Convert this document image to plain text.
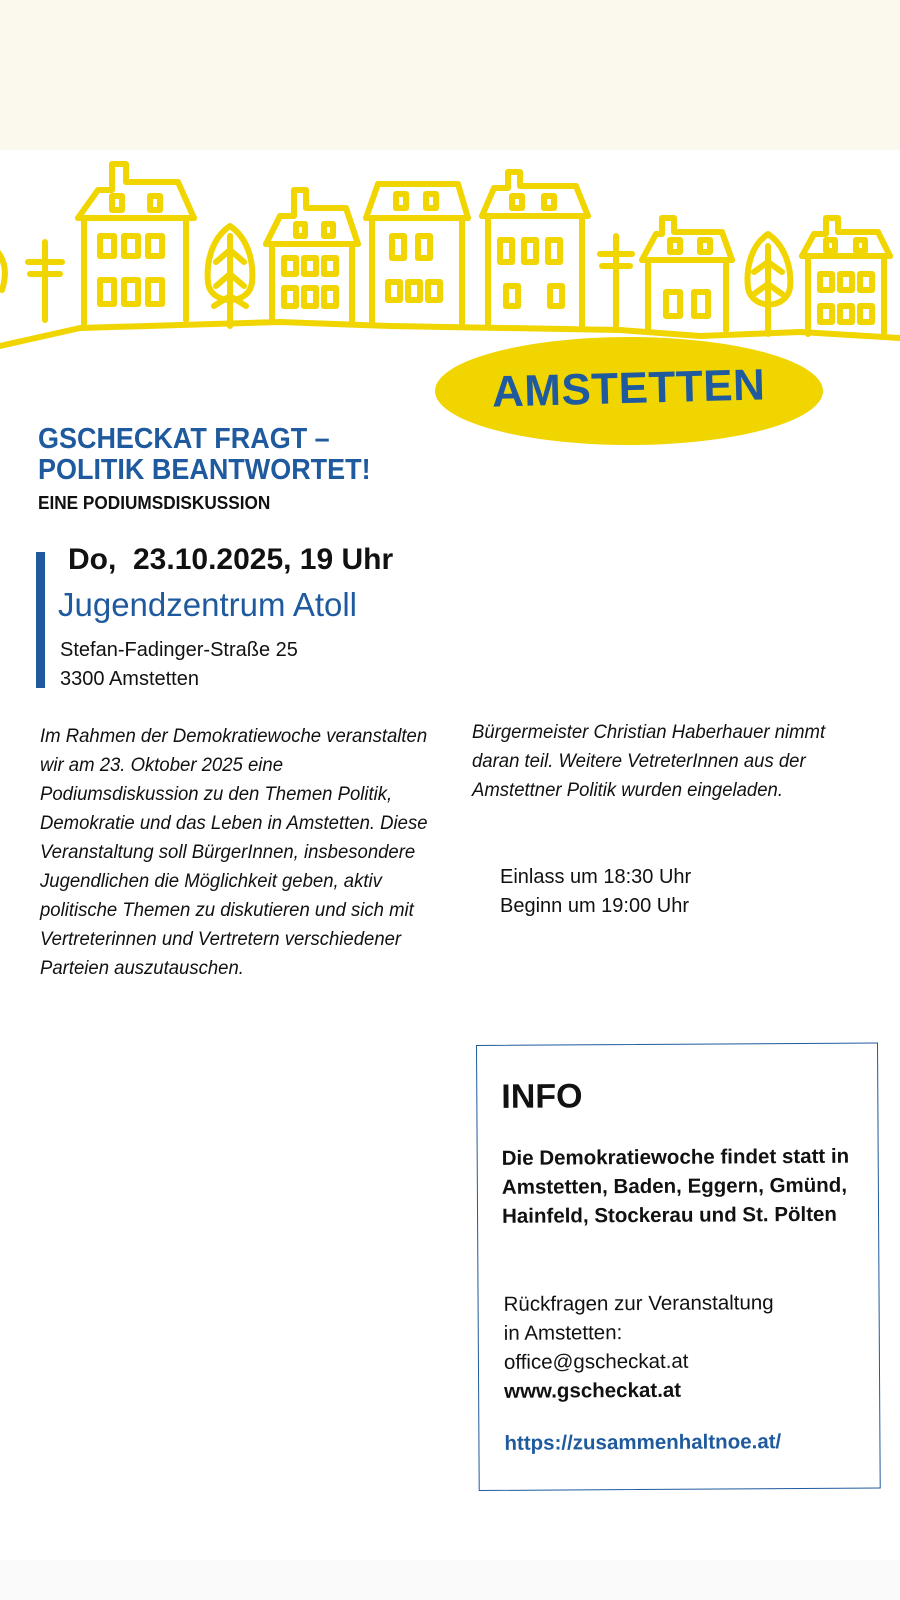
AMSTETTEN
GSCHECKAT FRAGT –
POLITIK BEANTWORTET!
EINE PODIUMSDISKUSSION
Do,  23.10.2025, 19 Uhr
Jugendzentrum Atoll
Stefan-Fadinger-Straße 25
3300 Amstetten
Im Rahmen der Demokratiewoche veranstalten wir am 23. Oktober 2025 eine Podiumsdiskussion zu den Themen Politik, Demokratie und das Leben in Amstetten. Diese Veranstaltung soll BürgerInnen, insbesondere Jugendlichen die Möglichkeit geben, aktiv politische Themen zu diskutieren und sich mit Vertreterinnen und Vertretern verschiedener Parteien auszutauschen.
Bürgermeister Christian Haberhauer nimmt daran teil. Weitere VetreterInnen aus der Amstettner Politik wurden eingeladen.
Einlass um 18:30 Uhr
Beginn um 19:00 Uhr
INFO
Die Demokratiewoche findet statt in Amstetten, Baden, Eggern, Gmünd, Hainfeld, Stockerau und St. Pölten
Rückfragen zur Veranstaltung
in Amstetten:
office@gscheckat.at
www.gscheckat.at
https://zusammenhaltnoe.at/
